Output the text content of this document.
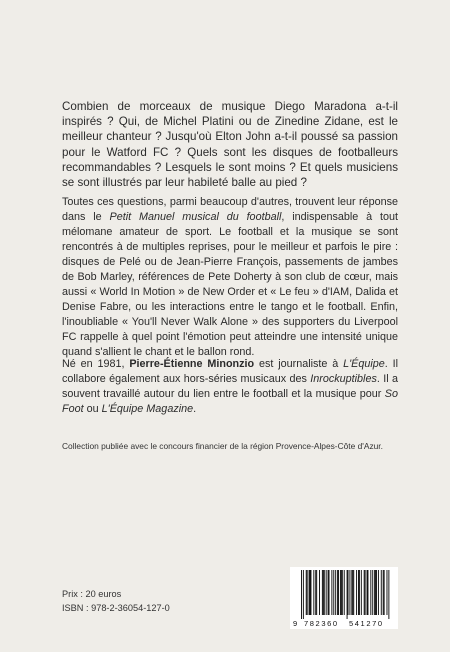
Combien de morceaux de musique Diego Maradona a-t-il inspirés ? Qui, de Michel Platini ou de Zinedine Zidane, est le meilleur chanteur ? Jusqu'où Elton John a-t-il poussé sa passion pour le Watford FC ? Quels sont les disques de footballeurs recommandables ? Lesquels le sont moins ? Et quels musiciens se sont illustrés par leur habileté balle au pied ?

Toutes ces questions, parmi beaucoup d'autres, trouvent leur réponse dans le Petit Manuel musical du football, indispensable à tout mélomane amateur de sport. Le football et la musique se sont rencontrés à de multiples reprises, pour le meilleur et parfois le pire : disques de Pelé ou de Jean-Pierre François, passements de jambes de Bob Marley, références de Pete Doherty à son club de cœur, mais aussi « World In Motion » de New Order et « Le feu » d'IAM, Dalida et Denise Fabre, ou les interactions entre le tango et le football. Enfin, l'inoubliable « You'll Never Walk Alone » des supporters du Liverpool FC rappelle à quel point l'émotion peut atteindre une intensité unique quand s'allient le chant et le ballon rond.

Né en 1981, Pierre-Étienne Minonzio est journaliste à L'Équipe. Il collabore également aux hors-séries musicaux des Inrockuptibles. Il a souvent travaillé autour du lien entre le football et la musique pour So Foot ou L'Équipe Magazine.

Collection publiée avec le concours financier de la région Provence-Alpes-Côte d'Azur.
Prix : 20 euros
ISBN : 978-2-36054-127-0
9 782360 541270
